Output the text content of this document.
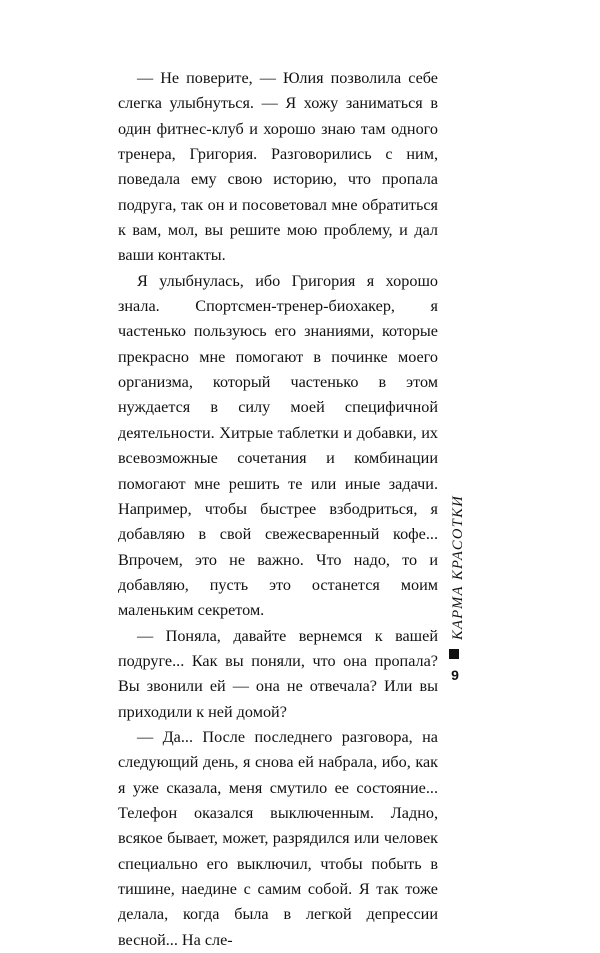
— Не поверите, — Юлия позволила себе слегка улыбнуться. — Я хожу заниматься в один фитнес-клуб и хорошо знаю там одного тренера, Григория. Разговорились с ним, поведала ему свою историю, что пропала подруга, так он и посоветовал мне обратиться к вам, мол, вы решите мою проблему, и дал ваши контакты.

Я улыбнулась, ибо Григория я хорошо знала. Спортсмен-тренер-биохакер, я частенько пользуюсь его знаниями, которые прекрасно мне помогают в починке моего организма, который частенько в этом нуждается в силу моей специфичной деятельности. Хитрые таблетки и добавки, их всевозможные сочетания и комбинации помогают мне решить те или иные задачи. Например, чтобы быстрее взбодриться, я добавляю в свой свежесваренный кофе... Впрочем, это не важно. Что надо, то и добавляю, пусть это останется моим маленьким секретом.

— Поняла, давайте вернемся к вашей подруге... Как вы поняли, что она пропала? Вы звонили ей — она не отвечала? Или вы приходили к ней домой?

— Да... После последнего разговора, на следующий день, я снова ей набрала, ибо, как я уже сказала, меня смутило ее состояние... Телефон оказался выключенным. Ладно, всякое бывает, может, разрядился или человек специально его выключил, чтобы побыть в тишине, наедине с самим собой. Я так тоже делала, когда была в легкой депрессии весной... На сле-

КАРМА КРАСОТКИ
9
